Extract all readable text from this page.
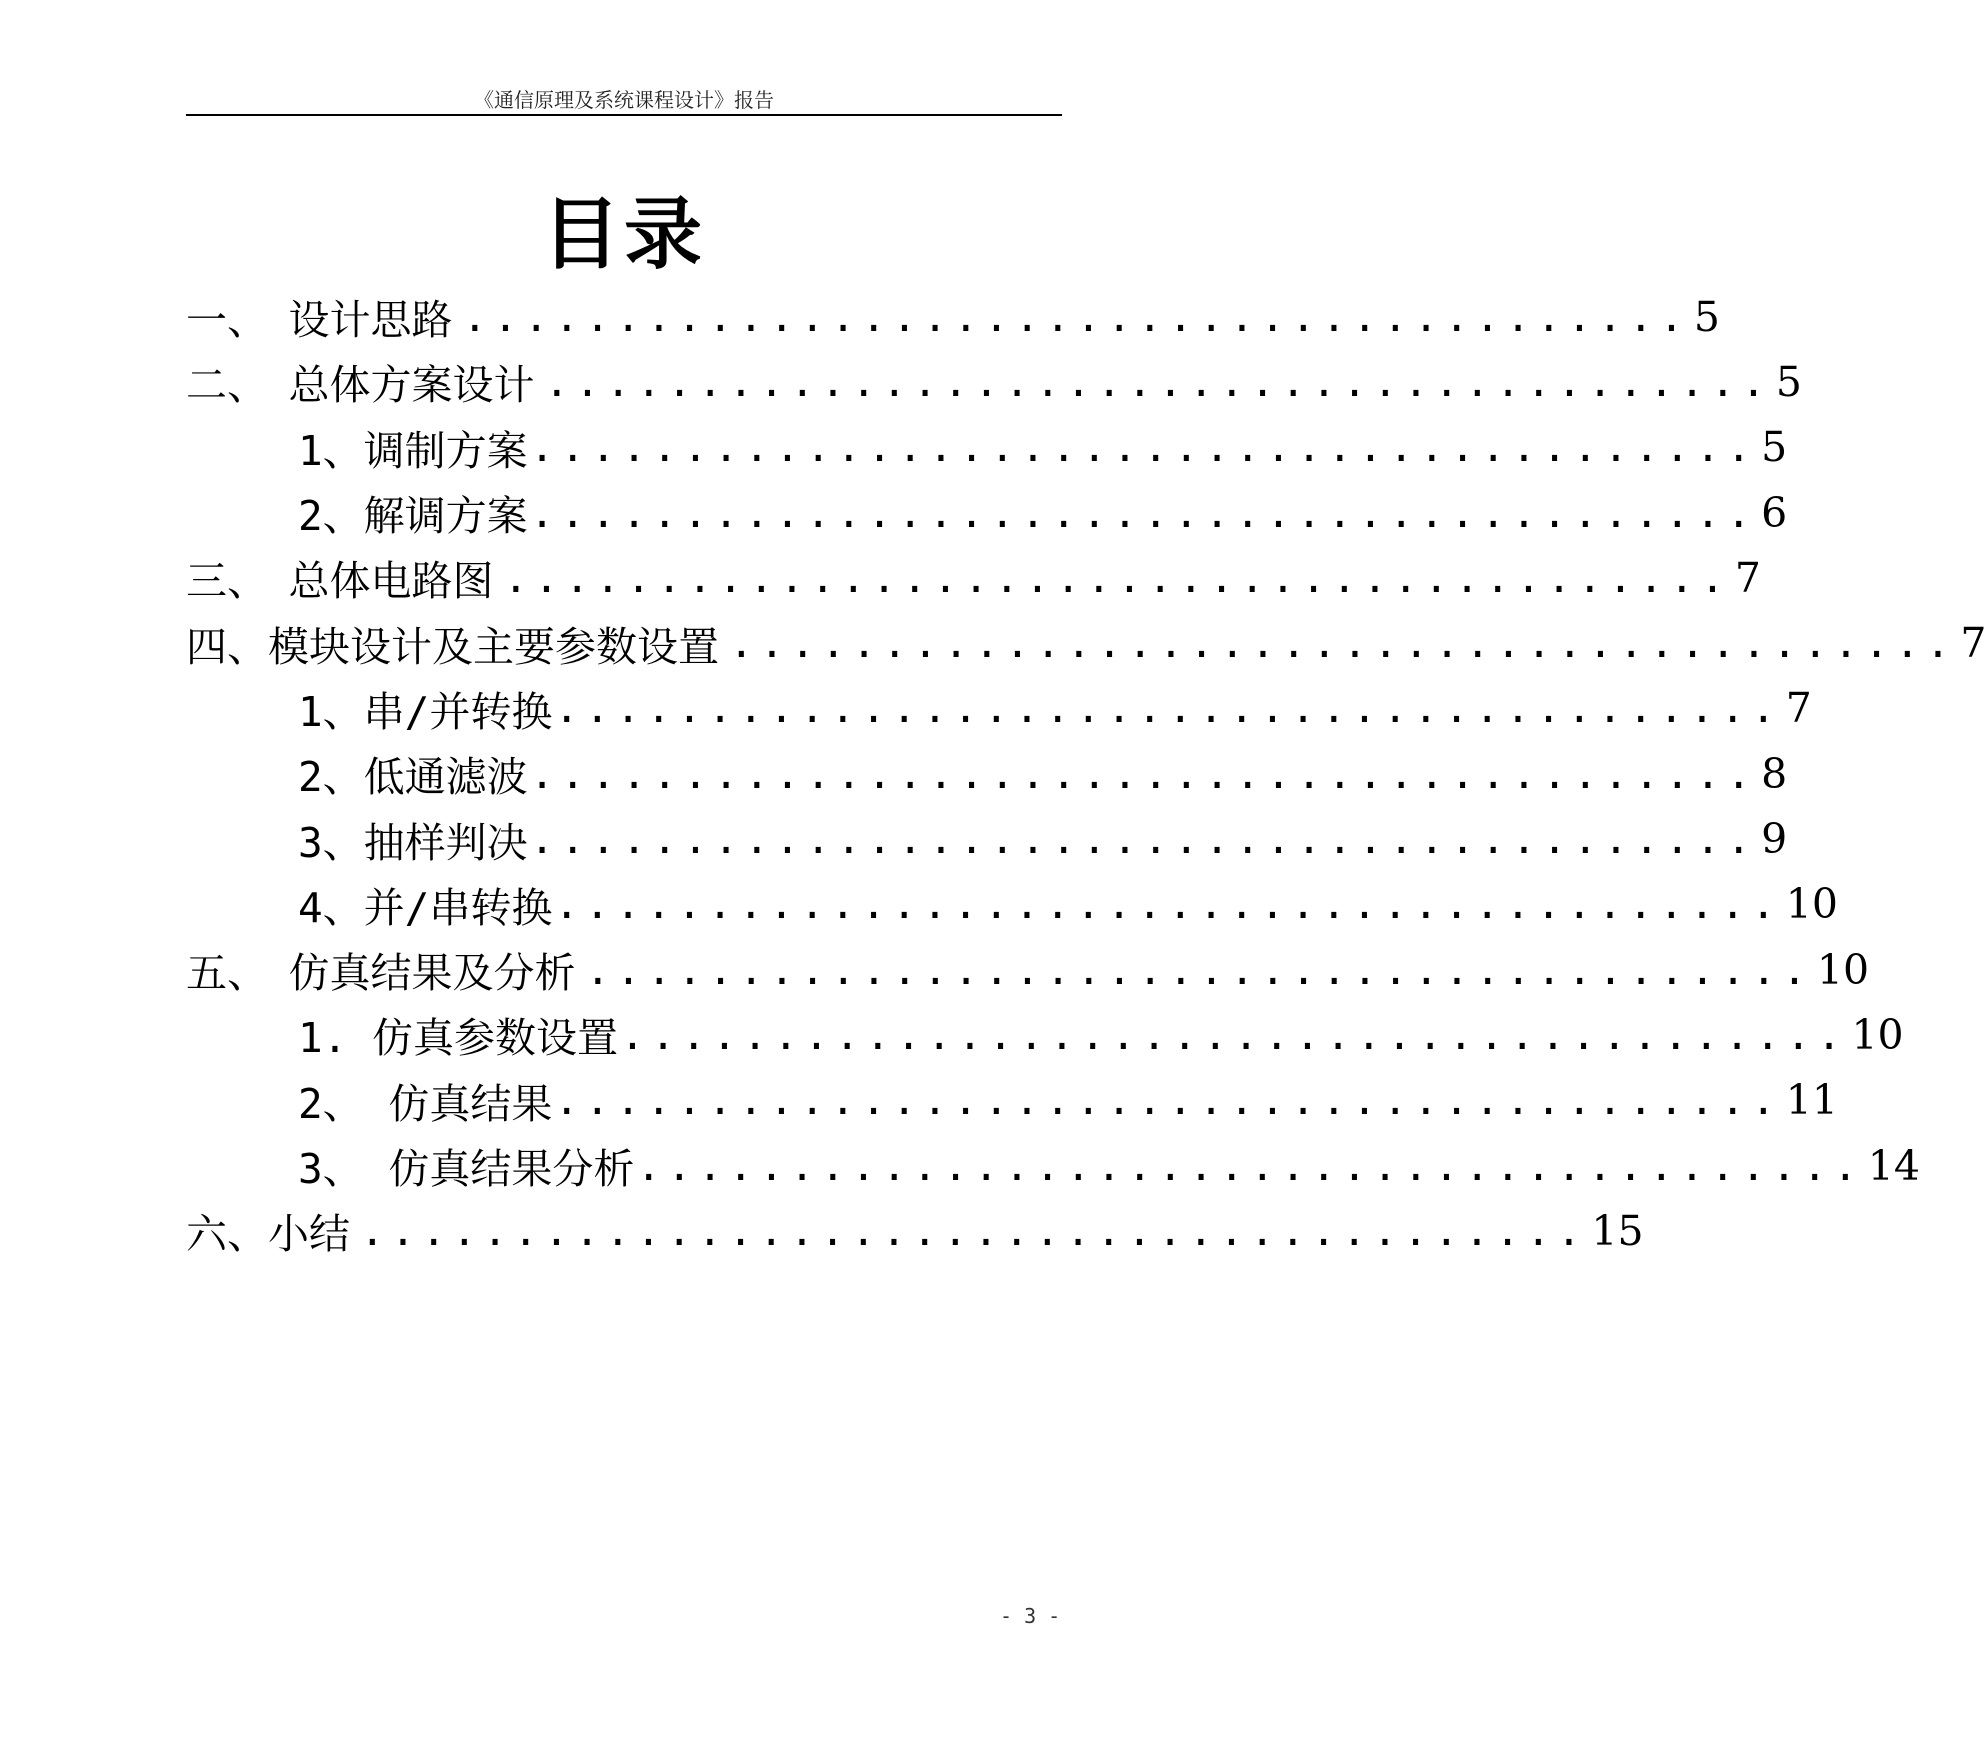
《通信原理及系统课程设计》报告
目录
一、　设计思路 ........................................ 5
二、　总体方案设计 ........................................ 5
1、调制方案 ........................................ 5
2、解调方案 ........................................ 6
三、　总体电路图 ........................................ 7
四、模块设计及主要参数设置 ........................................ 7
1、串/并转换 ........................................ 7
2、低通滤波 ........................................ 8
3、抽样判决 ........................................ 9
4、并/串转换 ........................................ 10
五、　仿真结果及分析 ........................................ 10
1. 仿真参数设置 ........................................ 10
2、 仿真结果 ........................................ 11
3、 仿真结果分析 ........................................ 14
六、小结 ........................................ 15
- 3 -
